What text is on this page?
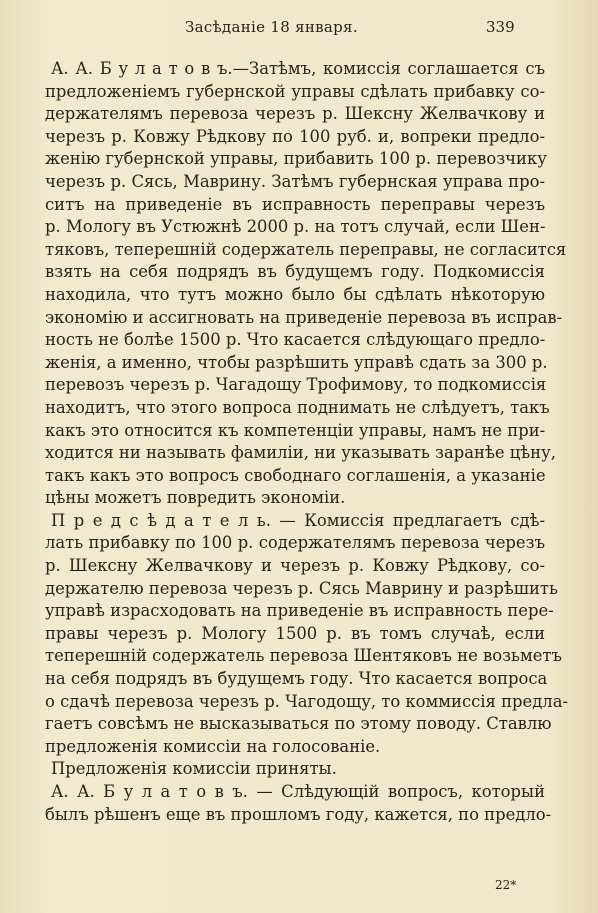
Засѣданіе 18 января.	339
А. А. Б у л а т о в ъ.—Затѣмъ, комиссія соглашается съ
предложеніемъ губернской управы сдѣлать прибавку со-
держателямъ перевоза черезъ р. Шексну Желвачкову и
черезъ р. Ковжу Рѣдкову по 100 руб. и, вопреки предло-
женію губернской управы, прибавить 100 р. перевозчику
черезъ р. Сясь, Маврину. Затѣмъ губернская управа про-
ситъ на приведеніе въ исправность переправы черезъ
р. Мологу въ Устюжнѣ 2000 р. на тотъ случай, если Шен-
тяковъ, теперешній содержатель переправы, не согласится
взять на себя подрядъ въ будущемъ году. Подкомиссія
находила, что тутъ можно было бы сдѣлать нѣкоторую
экономію и ассигновать на приведеніе перевоза въ исправ-
ность не болѣе 1500 р. Что касается слѣдующаго предло-
женія, а именно, чтобы разрѣшить управѣ сдать за 300 р.
перевозъ черезъ р. Чагадощу Трофимову, то подкомиссія
находитъ, что этого вопроса поднимать не слѣдуетъ, такъ
какъ это относится къ компетенціи управы, намъ не при-
ходится ни называть фамиліи, ни указывать заранѣе цѣну,
такъ какъ это вопросъ свободнаго соглашенія, а указаніе
цѣны можетъ повредить экономіи.
П р е д с ѣ д а т е л ь. — Комиссія предлагаетъ сдѣ-
лать прибавку по 100 р. содержателямъ перевоза черезъ
р. Шексну Желвачкову и черезъ р. Ковжу Рѣдкову, со-
держателю перевоза черезъ р. Сясь Маврину и разрѣшить
управѣ израсходовать на приведеніе въ исправность пере-
правы черезъ р. Мологу 1500 р. въ томъ случаѣ, если
теперешній содержатель перевоза Шентяковъ не возьметъ
на себя подрядъ въ будущемъ году. Что касается вопроса
о сдачѣ перевоза черезъ р. Чагодощу, то коммиссія предла-
гаетъ совсѣмъ не высказываться по этому поводу. Ставлю
предложенія комиссіи на голосованіе.
Предложенія комиссіи приняты.
А. А. Б у л а т о в ъ. — Слѣдующій вопросъ, который
былъ рѣшенъ еще въ прошломъ году, кажется, по предло-
22*
